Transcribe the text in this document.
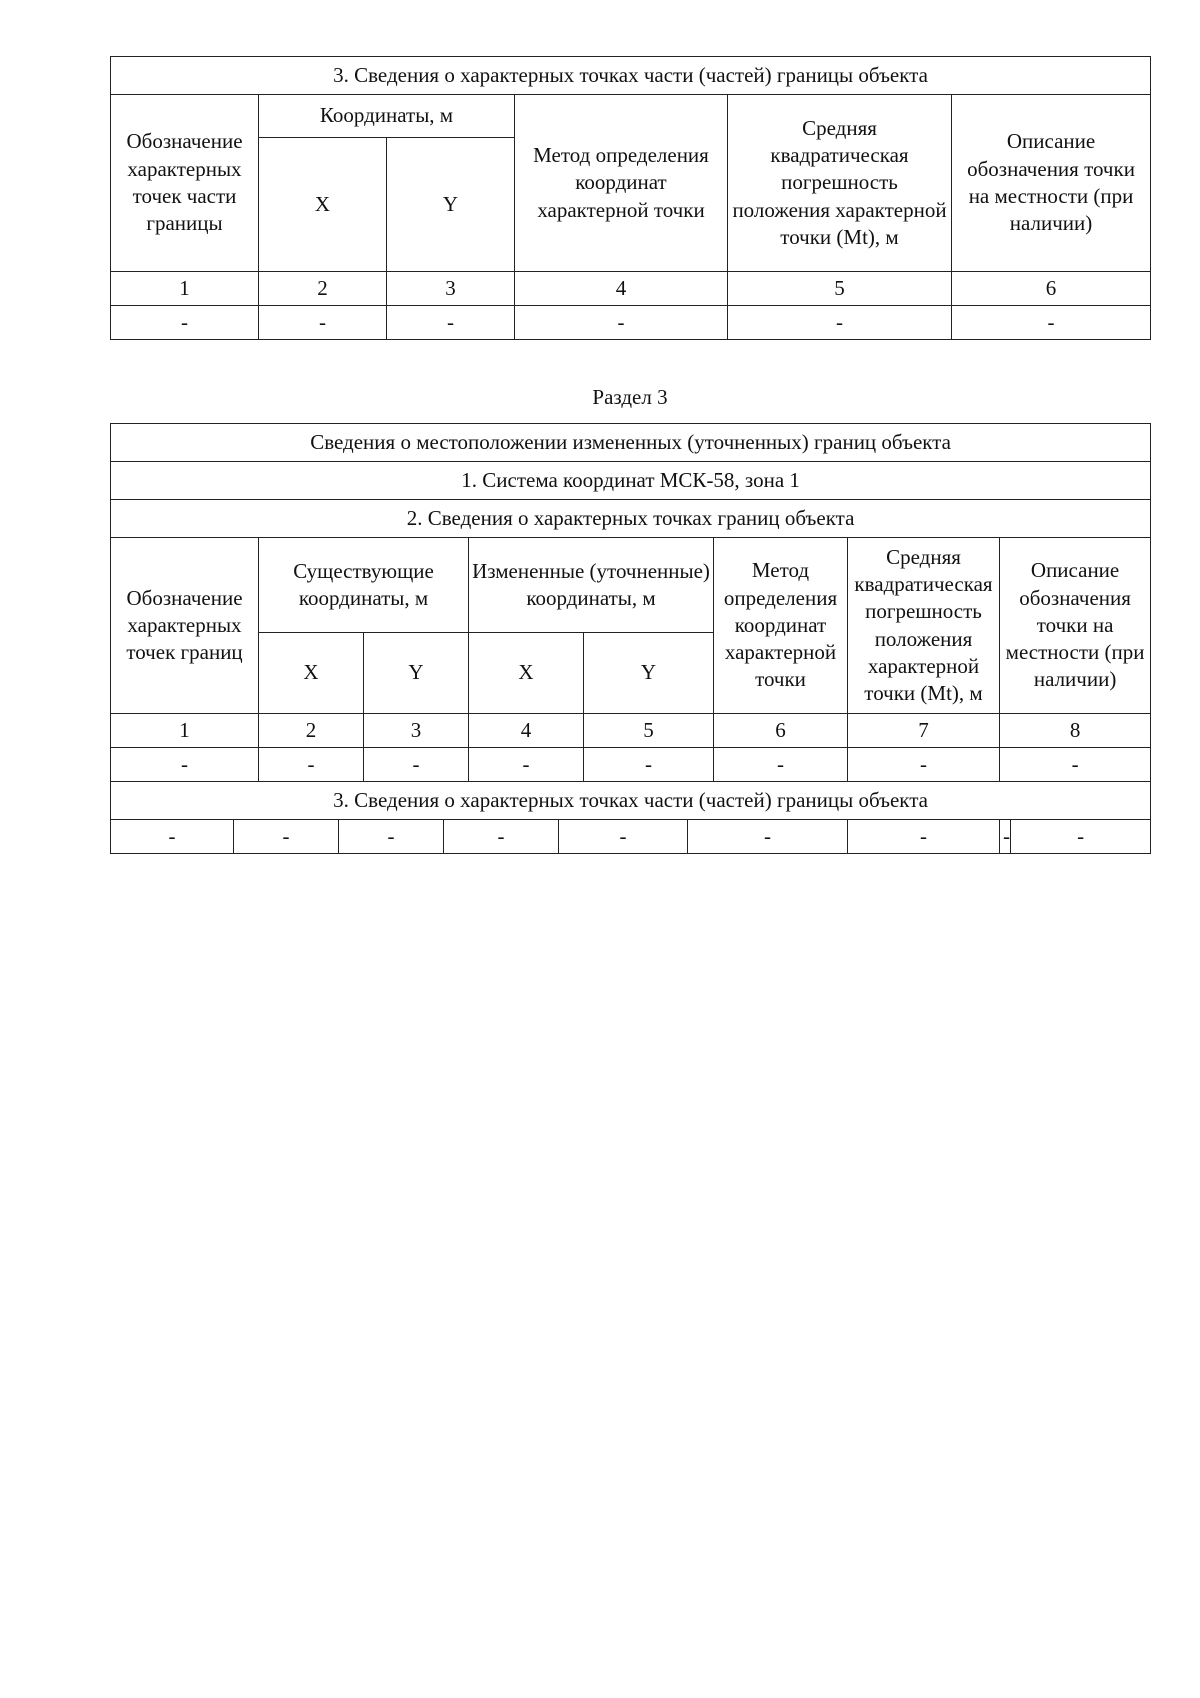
3. Сведения о характерных точках части (частей) границы объекта					
Обозначение характерных точек части границы	Координаты, м		Метод определения координат характерной точки	Средняя квадратическая погрешность положения характерной точки (Mt), м	Описание обозначения точки на местности (при наличии)
	X	Y			
1	2	3	4	5	6
-	-	-	-	-	-
Раздел 3
Сведения о местоположении измененных (уточненных) границ объекта													
1. Система координат МСК-58, зона 1													
2. Сведения о характерных точках границ объекта													
Обозначение характерных точек границ		Существующие координаты, м				Измененные (уточненные) координаты, м				Метод определения координат характерной точки	Средняя квадратическая погрешность положения характерной точки (Mt), м	Описание обозначения точки на местности (при наличии)	
		X		Y		X		Y					
1		2		3		4		5		6	7	8	
-		-		-		-		-		-	-	-	
3. Сведения о характерных точках части (частей) границы объекта													
-	-		-		-		-		-		-	-	-
